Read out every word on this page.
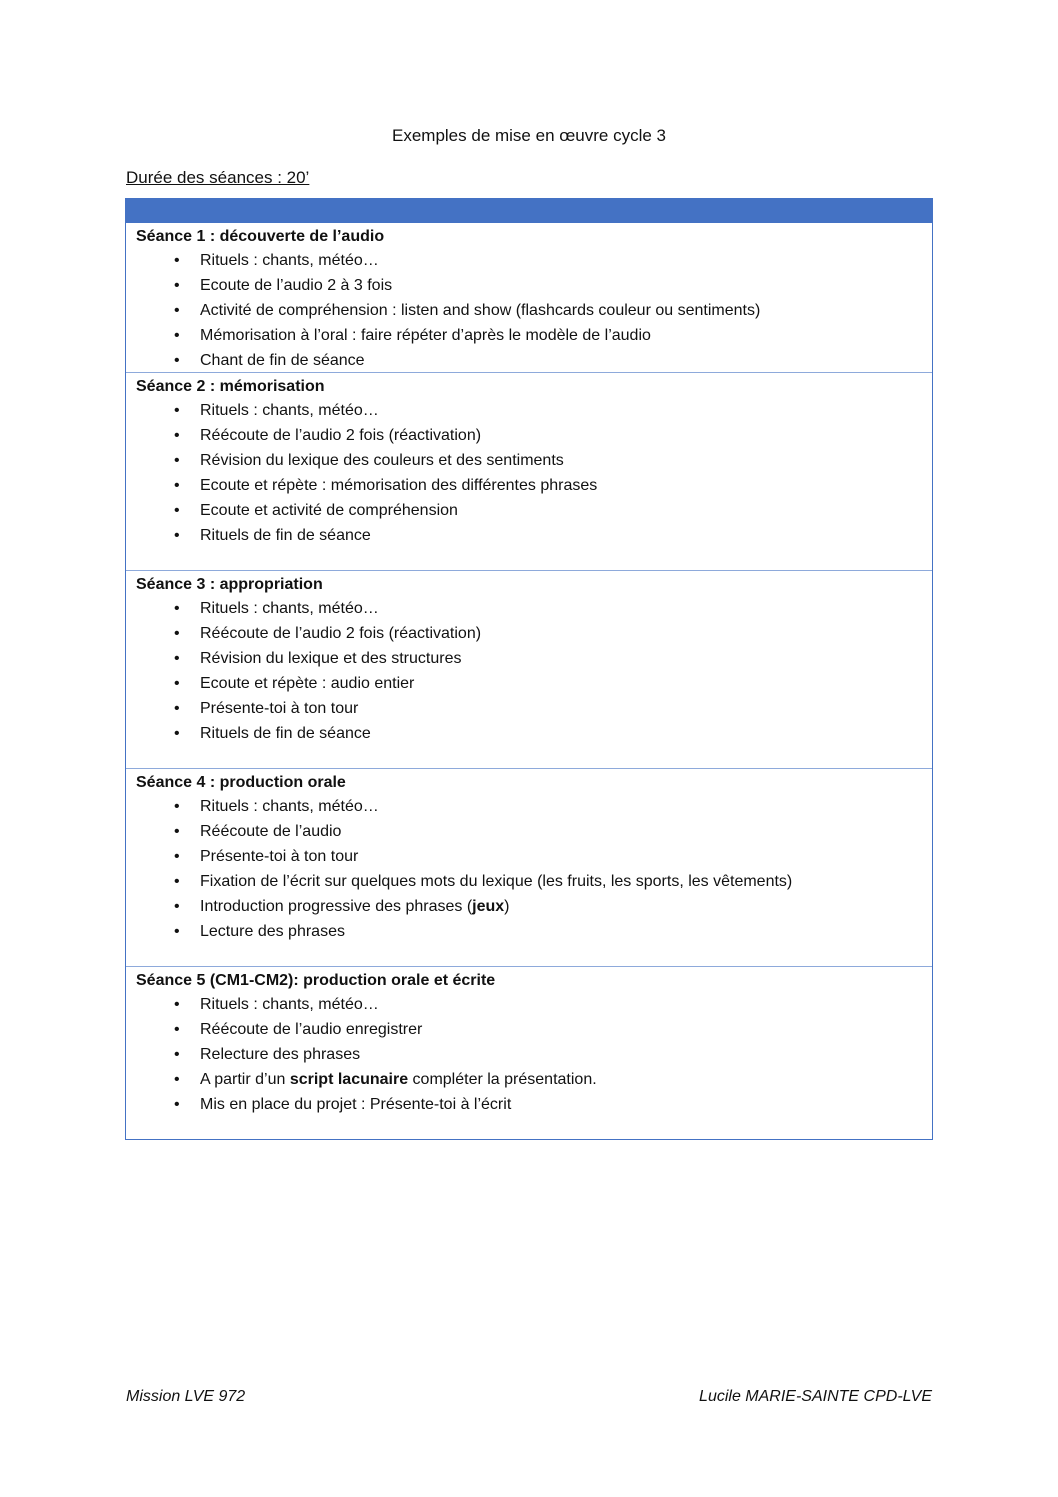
Exemples de mise en œuvre cycle 3
Durée des séances : 20’
Séance 1 : découverte de l’audio
• Rituels : chants, météo…
• Ecoute de l’audio 2 à 3 fois
• Activité de compréhension : listen and show (flashcards couleur ou sentiments)
• Mémorisation à l’oral : faire répéter d’après le modèle de l’audio
• Chant de fin de séance
Séance 2 : mémorisation
• Rituels : chants, météo…
• Réécoute de l’audio 2 fois (réactivation)
• Révision du lexique des couleurs et des sentiments
• Ecoute et répète : mémorisation des différentes phrases
• Ecoute et activité de compréhension
• Rituels de fin de séance
Séance 3 : appropriation
• Rituels : chants, météo…
• Réécoute de l’audio 2 fois (réactivation)
• Révision du lexique et des structures
• Ecoute et répète : audio entier
• Présente-toi à ton tour
• Rituels de fin de séance
Séance 4 : production orale
• Rituels : chants, météo…
• Réécoute de l’audio
• Présente-toi à ton tour
• Fixation de l’écrit sur quelques mots du lexique (les fruits, les sports, les vêtements)
• Introduction progressive des phrases (jeux)
• Lecture des phrases
Séance 5 (CM1-CM2): production orale et écrite
• Rituels : chants, météo…
• Réécoute de l’audio enregistrer
• Relecture des phrases
• A partir d’un script lacunaire compléter la présentation.
• Mis en place du projet : Présente-toi à l’écrit
Mission LVE 972	Lucile MARIE-SAINTE CPD-LVE
